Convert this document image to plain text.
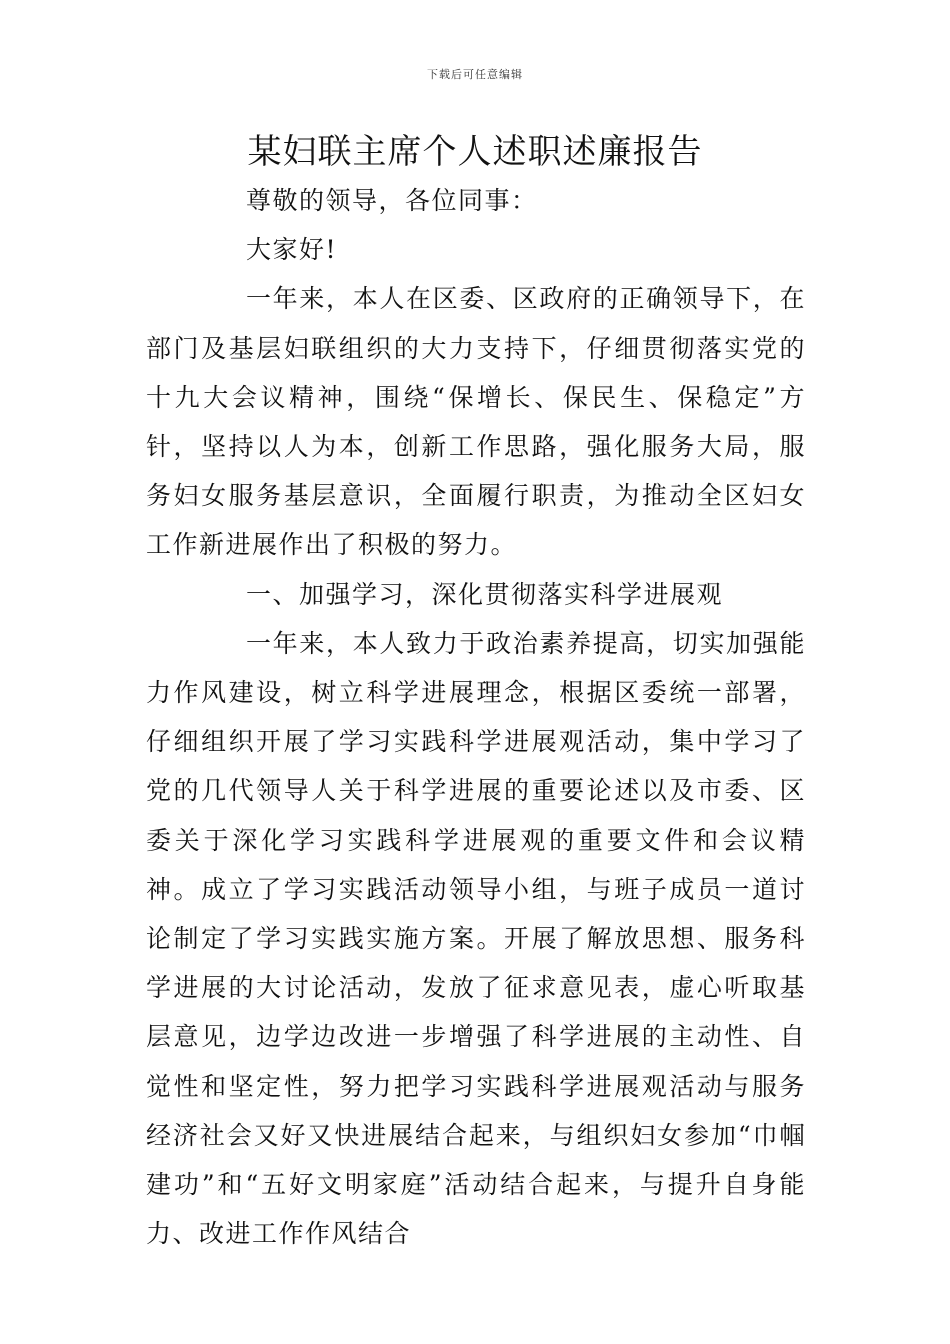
下载后可任意编辑
某妇联主席个人述职述廉报告

尊敬的领导，各位同事：

大家好!

一年来，本人在区委、区政府的正确领导下，在部门及基层妇联组织的大力支持下，仔细贯彻落实党的十九大会议精神，围绕“保增长、保民生、保稳定”方针，坚持以人为本，创新工作思路，强化服务大局，服务妇女服务基层意识，全面履行职责，为推动全区妇女工作新进展作出了积极的努力。

一、加强学习，深化贯彻落实科学进展观

一年来，本人致力于政治素养提高，切实加强能力作风建设，树立科学进展理念，根据区委统一部署，仔细组织开展了学习实践科学进展观活动，集中学习了党的几代领导人关于科学进展的重要论述以及市委、区委关于深化学习实践科学进展观的重要文件和会议精神。成立了学习实践活动领导小组，与班子成员一道讨论制定了学习实践实施方案。开展了解放思想、服务科学进展的大讨论活动，发放了征求意见表，虚心听取基层意见，边学边改进一步增强了科学进展的主动性、自觉性和坚定性，努力把学习实践科学进展观活动与服务经济社会又好又快进展结合起来，与组织妇女参加“巾帼建功”和“五好文明家庭”活动结合起来，与提升自身能力、改进工作作风结合
